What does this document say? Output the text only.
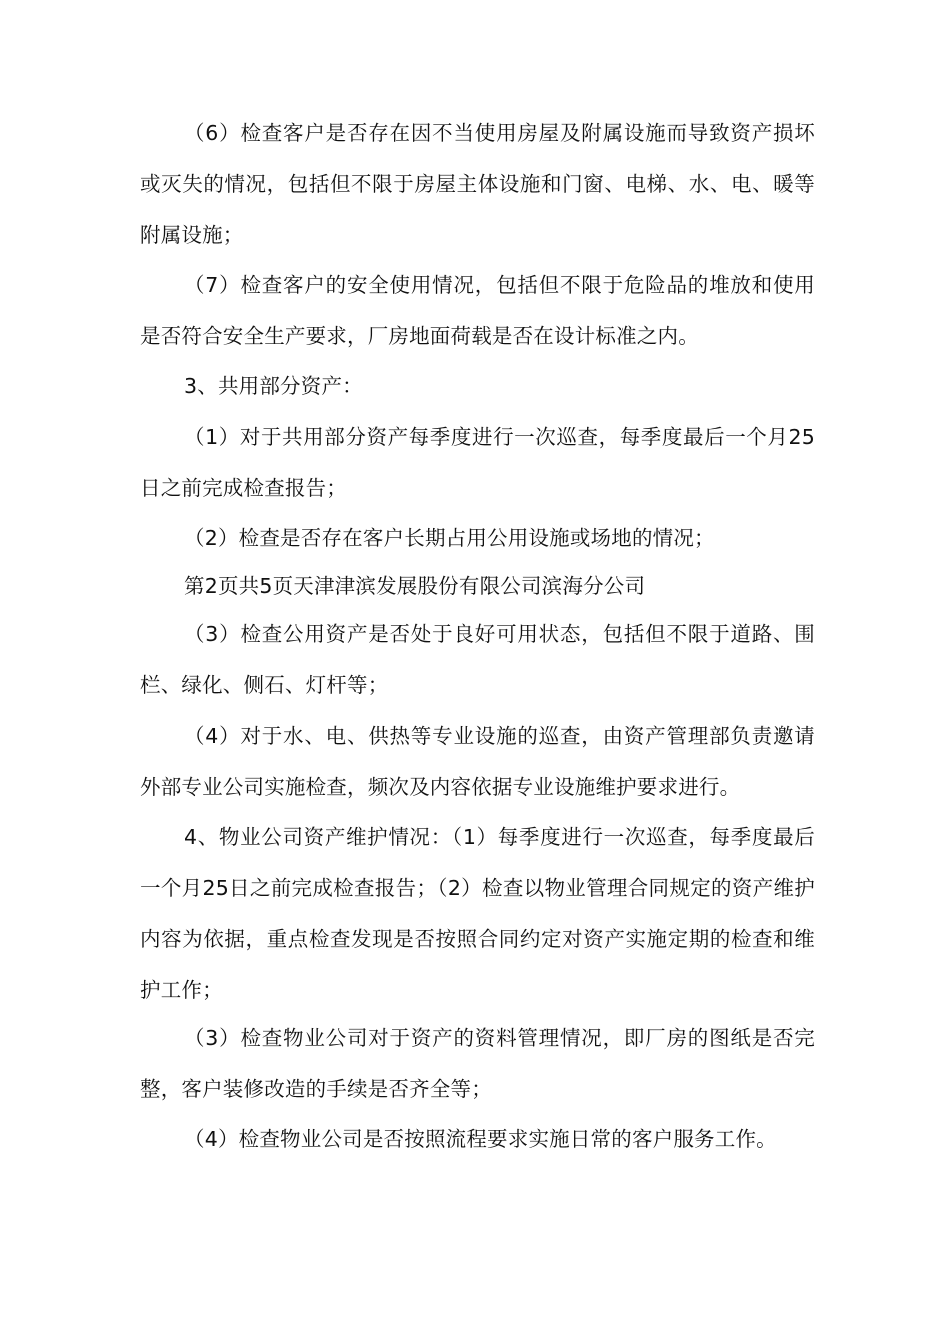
（6）检查客户是否存在因不当使用房屋及附属设施而导致资产损坏或灭失的情况，包括但不限于房屋主体设施和门窗、电梯、水、电、暖等附属设施；

（7）检查客户的安全使用情况，包括但不限于危险品的堆放和使用是否符合安全生产要求，厂房地面荷载是否在设计标准之内。

3、共用部分资产：

（1）对于共用部分资产每季度进行一次巡查，每季度最后一个月25日之前完成检查报告；

（2）检查是否存在客户长期占用公用设施或场地的情况；

第2页共5页天津津滨发展股份有限公司滨海分公司

（3）检查公用资产是否处于良好可用状态，包括但不限于道路、围栏、绿化、侧石、灯杆等；

（4）对于水、电、供热等专业设施的巡查，由资产管理部负责邀请外部专业公司实施检查，频次及内容依据专业设施维护要求进行。

4、物业公司资产维护情况：（1）每季度进行一次巡查，每季度最后一个月25日之前完成检查报告；（2）检查以物业管理合同规定的资产维护内容为依据，重点检查发现是否按照合同约定对资产实施定期的检查和维护工作；

（3）检查物业公司对于资产的资料管理情况，即厂房的图纸是否完整，客户装修改造的手续是否齐全等；

（4）检查物业公司是否按照流程要求实施日常的客户服务工作。
